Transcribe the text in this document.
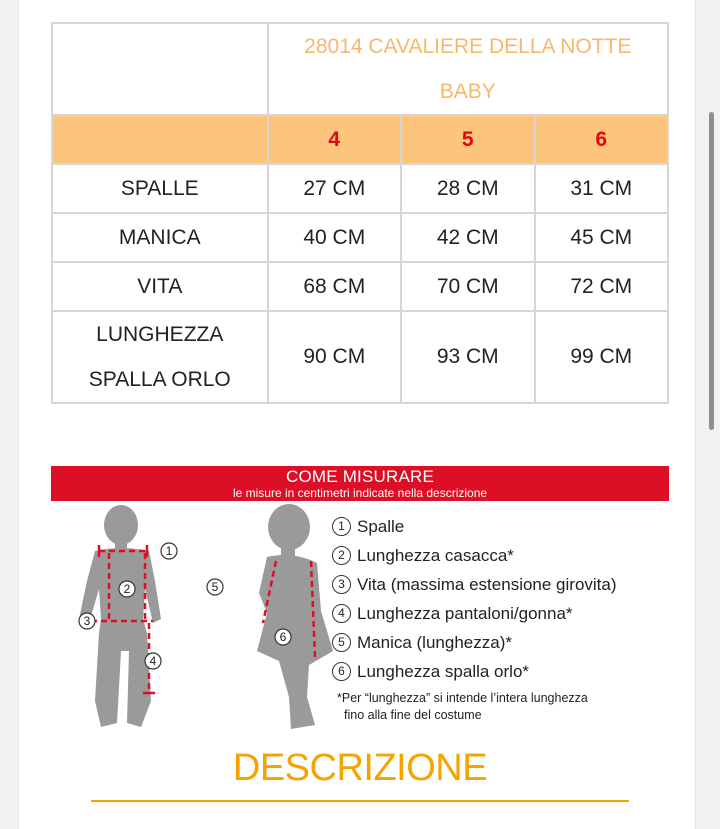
	28014 CAVALIERE DELLA NOTTE
BABY		

	4	5	6
SPALLE	27 CM	28 CM	31 CM
MANICA	40 CM	42 CM	45 CM
VITA	68 CM	70 CM	72 CM

LUNGHEZZA
SPALLA ORLO	90 CM	93 CM	99 CM
COME MISURARE
le misure in centimetri indicate nella descrizione
1
2
3
4
5
6
1 Spalle
2 Lunghezza casacca*
3 Vita (massima estensione girovita)
4 Lunghezza pantaloni/gonna*
5 Manica (lunghezza)*
6 Lunghezza spalla orlo*
*Per “lunghezza” si intende l’intera lunghezza
fino alla fine del costume
DESCRIZIONE
